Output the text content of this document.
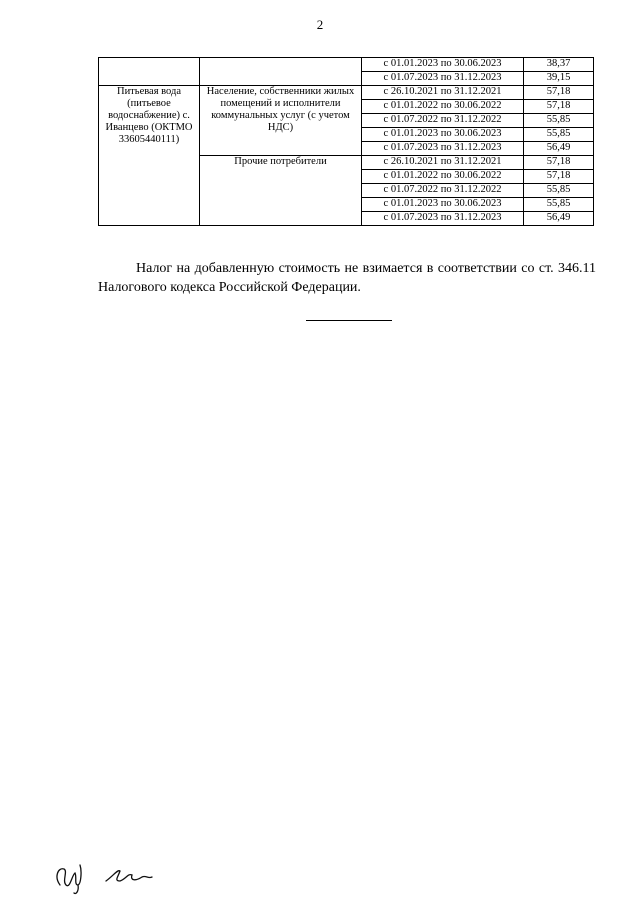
2
		с 01.01.2023 по 30.06.2023	38,37
		с 01.07.2023 по 31.12.2023	39,15
Питьевая вода (питьевое водоснабжение) с. Иванцево (ОКТМО 33605440111)	Население, собственники жилых помещений и исполнители коммунальных услуг (с учетом НДС)	с 26.10.2021 по 31.12.2021	57,18
		с 01.01.2022 по 30.06.2022	57,18
		с 01.07.2022 по 31.12.2022	55,85
		с 01.01.2023 по 30.06.2023	55,85
		с 01.07.2023 по 31.12.2023	56,49
	Прочие потребители	с 26.10.2021 по 31.12.2021	57,18
		с 01.01.2022 по 30.06.2022	57,18
		с 01.07.2022 по 31.12.2022	55,85
		с 01.01.2023 по 30.06.2023	55,85
		с 01.07.2023 по 31.12.2023	56,49

Налог на добавленную стоимость не взимается в соответствии со ст. 346.11 Налогового кодекса Российской Федерации.
